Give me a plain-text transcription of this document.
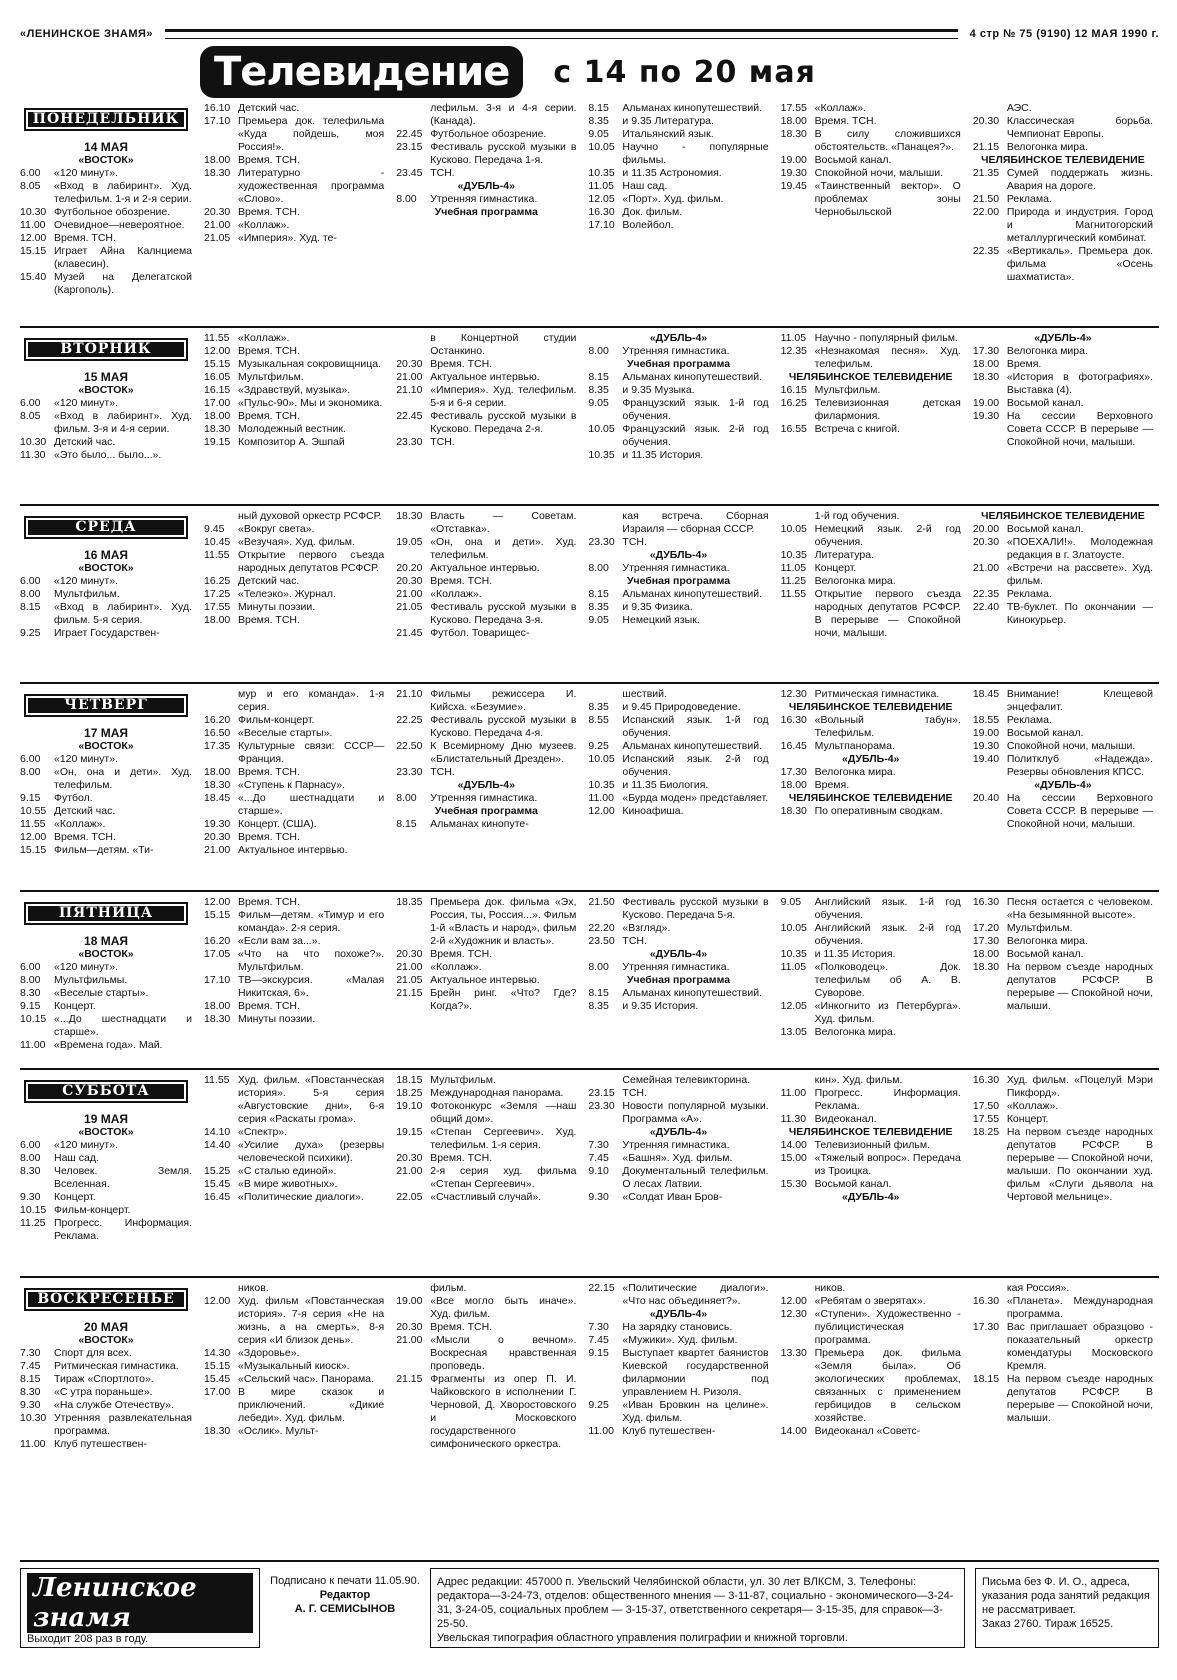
«ЛЕНИНСКОЕ ЗНАМЯ»	4 стр № 75 (9190) 12 МАЯ 1990 г.
Телевидение	с 14 по 20 мая
ПОНЕДЕЛЬНИК
14 МАЯ
«ВОСТОК»
6.00	«120 минут».
8.05	«Вход в лабиринт». Худ. телефильм. 1-я и 2-я серии.
10.30 Футбольное обозрение.
11.00 Очевидное—невероятное.
12.00 Время. ТСН.
15.15 Играет Айна Калнциема (клавесин).
15.40 Музей на Делегатской (Каргополь).
16.10 Детский час.
17.10 Премьера док. телефильма «Куда пойдешь, моя Россия!».
18.00 Время. ТСН.
18.30 Литературно - художественная программа «Слово».
20.30 Время. ТСН.
21.00 «Коллаж».
21.05 «Империя». Худ. те-
лефильм. 3-я и 4-я серии. (Канада).
22.45 Футбольное обозрение.
23.15 Фестиваль русской музыки в Кусково. Передача 1-я.
23.45 ТСН.
«ДУБЛЬ-4»
8.00	Утренняя гимнастика.
Учебная программа
8.15	Альманах кинопутешествий.
8.35	и 9.35 Литература.
9.05	Итальянский язык.
10.05 Научно - популярные фильмы.
10.35 и 11.35 Астрономия.
11.05 Наш сад.
12.05 «Порт». Худ. фильм.
16.30 Док. фильм.
17.10 Волейбол.
17.55 «Коллаж».
18.00 Время. ТСН.
18.30 В силу сложившихся обстоятельств. «Панацея?».
19.00 Восьмой канал.
19.30 Спокойной ночи, малыши.
19.45 «Таинственный вектор». О проблемах зоны Чернобыльской
АЭС.
20.30 Классическая борьба. Чемпионат Европы.
21.15 Велогонка мира.
ЧЕЛЯБИНСКОЕ ТЕЛЕВИДЕНИЕ
21.35 Сумей поддержать жизнь. Авария на дороге.
21.50 Реклама.
22.00 Природа и индустрия. Город и Магнитогорский металлургический комбинат.
22.35 «Вертикаль». Премьера док. фильма «Осень шахматиста».
ВТОРНИК
15 МАЯ
«ВОСТОК»
6.00	«120 минут».
8.05	«Вход в лабиринт». Худ. фильм. 3-я и 4-я серии.
10.30 Детский час.
11.30 «Это было... было...».
11.55 «Коллаж».
12.00 Время. ТСН.
15.15 Музыкальная сокровищница.
16.05 Мультфильм.
16.15 «Здравствуй, музыка».
17.00 «Пульс-90». Мы и экономика.
18.00 Время. ТСН.
18.30 Молодежный вестник.
19.15 Композитор А. Эшпай
в Концертной студии Останкино.
20.30 Время. ТСН.
21.00 Актуальное интервью.
21.10 «Империя». Худ. телефильм. 5-я и 6-я серии.
22.45 Фестиваль русской музыки в Кусково. Передача 2-я.
23.30 ТСН.
«ДУБЛЬ-4»
8.00	Утренняя гимнастика.
Учебная программа
8.15	Альманах кинопутешествий.
8.35	и 9.35 Музыка.
9.05	Французский язык. 1-й год обучения.
10.05 Французский язык. 2-й год обучения.
10.35 и 11.35 История.
11.05 Научно - популярный фильм.
12.35 «Незнакомая песня». Худ. телефильм.
ЧЕЛЯБИНСКОЕ ТЕЛЕВИДЕНИЕ
16.15 Мультфильм.
16.25 Телевизионная детская филармония.
16.55 Встреча с книгой.
«ДУБЛЬ-4»
17.30 Велогонка мира.
18.00 Время.
18.30 «История в фотографиях». Выставка (4).
19.00 Восьмой канал.
19.30 На сессии Верховного Совета СССР. В перерыве — Спокойной ночи, малыши.
СРЕДА
16 МАЯ
«ВОСТОК»
6.00	«120 минут».
8.00	Мультфильм.
8.15	«Вход в лабиринт». Худ. фильм. 5-я серия.
9.25	Играет Государствен-
ный духовой оркестр РСФСР.
9.45	«Вокруг света».
10.45 «Везучая». Худ. фильм.
11.55 Открытие первого съезда народных депутатов РСФСР.
16.25 Детский час.
17.25 «Телеэко». Журнал.
17.55 Минуты поэзии.
18.00 Время. ТСН.
18.30 Власть — Советам. «Отставка».
19.05 «Он, она и дети». Худ. телефильм.
20.20 Актуальное интервью.
20.30 Время. ТСН.
21.00 «Коллаж».
21.05 Фестиваль русской музыки в Кусково. Передача 3-я.
21.45 Футбол. Товарищес-
кая встреча. Сборная Израиля — сборная СССР.
23.30 ТСН.
«ДУБЛЬ-4»
8.00	Утренняя гимнастика.
Учебная программа
8.15	Альманах кинопутешествий.
8.35	и 9.35 Физика.
9.05	Немецкий язык.
1-й год обучения.
10.05 Немецкий язык. 2-й год обучения.
10.35 Литература.
11.05 Концерт.
11.25 Велогонка мира.
11.55 Открытие первого съезда народных депутатов РСФСР. В перерыве — Спокойной ночи, малыши.
ЧЕЛЯБИНСКОЕ ТЕЛЕВИДЕНИЕ
20.00 Восьмой канал.
20.30 «ПОЕХАЛИ!». Молодежная редакция в г. Златоусте.
21.00 «Встречи на рассвете». Худ. фильм.
22.35 Реклама.
22.40 ТВ-буклет. По окончании — Кинокурьер.
ЧЕТВЕРГ
17 МАЯ
«ВОСТОК»
6.00	«120 минут».
8.00	«Он, она и дети». Худ. телефильм.
9.15	Футбол.
10.55 Детский час.
11.55 «Коллаж».
12.00 Время. ТСН.
15.15 Фильм—детям. «Ти-
мур и его команда». 1-я серия.
16.20 Фильм-концерт.
16.50 «Веселые старты».
17.35 Культурные связи: СССР—Франция.
18.00 Время. ТСН.
18.30 «Ступень к Парнасу».
18.45 «...До шестнадцати и старше».
19.30 Концерт. (США).
20.30 Время. ТСН.
21.00 Актуальное интервью.
21.10 Фильмы режиссера И. Кийсха. «Безумие».
22.25 Фестиваль русской музыки в Кусково. Передача 4-я.
22.50 К Всемирному Дню музеев. «Блистательный Дрезден».
23.30 ТСН.
«ДУБЛЬ-4»
8.00	Утренняя гимнастика.
Учебная программа
8.15	Альманах кинопуте-
шествий.
8.35	и 9.45 Природоведение.
8.55	Испанский язык. 1-й год обучения.
9.25	Альманах кинопутешествий.
10.05 Испанский язык. 2-й год обучения.
10.35 и 11.35 Биология.
11.00 «Бурда моден» представляет.
12.00 Киноафиша.
12.30 Ритмическая гимнастика.
ЧЕЛЯБИНСКОЕ ТЕЛЕВИДЕНИЕ
16.30 «Вольный табун». Телефильм.
16.45 Мультпанорама.
«ДУБЛЬ-4»
17.30 Велогонка мира.
18.00 Время.
ЧЕЛЯБИНСКОЕ ТЕЛЕВИДЕНИЕ
18.30 По оперативным сводкам.
18.45 Внимание! Клещевой энцефалит.
18.55 Реклама.
19.00 Восьмой канал.
19.30 Спокойной ночи, малыши.
19.40 Политклуб «Надежда». Резервы обновления КПСС.
«ДУБЛЬ-4»
20.40 На сессии Верховного Совета СССР. В перерыве — Спокойной ночи, малыши.
ПЯТНИЦА
18 МАЯ
«ВОСТОК»
6.00	«120 минут».
8.00	Мультфильмы.
8.30	«Веселые старты».
9.15	Концерт.
10.15 «...До шестнадцати и старше».
11.00 «Времена года». Май.
12.00 Время. ТСН.
15.15 Фильм—детям. «Тимур и его команда». 2-я серия.
16.20 «Если вам за...».
17.05 «Что на что похоже?». Мультфильм.
17.10 ТВ—экскурсия. «Малая Никитская, 6».
18.00 Время. ТСН.
18.30 Минуты поэзии.
18.35 Премьера док. фильма «Эх, Россия, ты, Россия...». Фильм 1-й «Власть и народ», фильм 2-й «Художник и власть».
20.30 Время. ТСН.
21.00 «Коллаж».
21.05 Актуальное интервью.
21.15 Брейн ринг. «Что? Где? Когда?».
21.50 Фестиваль русской музыки в Кусково. Передача 5-я.
22.20 «Взгляд».
23.50 ТСН.
«ДУБЛЬ-4»
8.00	Утренняя гимнастика.
Учебная программа
8.15	Альманах кинопутешествий.
8.35	и 9.35 История.
9.05	Английский язык. 1-й год обучения.
10.05 Английский язык. 2-й год обучения.
10.35 и 11.35 История.
11.05 «Полководец». Док. телефильм об А. В. Суворове.
12.05 «Инкогнито из Петербурга». Худ. фильм.
13.05 Велогонка мира.
16.30 Песня остается с человеком. «На безымянной высоте».
17.20 Мультфильм.
17.30 Велогонка мира.
18.00 Восьмой канал.
18.30 На первом съезде народных депутатов РСФСР. В перерыве — Спокойной ночи, малыши.
СУББОТА
19 МАЯ
«ВОСТОК»
6.00	«120 минут».
8.00	Наш сад.
8.30	Человек. Земля. Вселенная.
9.30	Концерт.
10.15 Фильм-концерт.
11.25 Прогресс. Информация. Реклама.
11.55 Худ. фильм. «Повстанческая история». 5-я серия «Августовские дни», 6-я серия «Раскаты грома».
14.10 «Спектр».
14.40 «Усилие духа» (резервы человеческой психики).
15.25 «С сталью единой».
15.45 «В мире животных».
16.45 «Политические диалоги».
18.15 Мультфильм.
18.25 Международная панорама.
19.10 Фотоконкурс «Земля —наш общий дом».
19.15 «Степан Сергеевич». Худ. телефильм. 1-я серия.
20.30 Время. ТСН.
21.00 2-я серия худ. фильма «Степан Сергеевич».
22.05 «Счастливый случай».
Семейная телевикторина.
23.15 ТСН.
23.30 Новости популярной музыки. Программа «А».
«ДУБЛЬ-4»
7.30	Утренняя гимнастика.
7.45	«Башня». Худ. фильм.
9.10	Документальный телефильм. О лесах Латвии.
9.30	«Солдат Иван Бров-
кин». Худ. фильм.
11.00 Прогресс. Информация. Реклама.
11.30 Видеоканал.
ЧЕЛЯБИНСКОЕ ТЕЛЕВИДЕНИЕ
14.00 Телевизионный фильм.
15.00 «Тяжелый вопрос». Передача из Троицка.
15.30 Восьмой канал.
«ДУБЛЬ-4»
16.30 Худ. фильм. «Поцелуй Мэри Пикфорд».
17.50 «Коллаж».
17.55 Концерт.
18.25 На первом съезде народных депутатов РСФСР. В перерыве — Спокойной ночи, малыши. По окончании худ. фильм «Слуги дьявола на Чертовой мельнице».
ВОСКРЕСЕНЬЕ
20 МАЯ
«ВОСТОК»
7.30	Спорт для всех.
7.45	Ритмическая гимнастика.
8.15	Тираж «Спортлото».
8.30	«С утра пораньше».
9.30	«На службе Отечеству».
10.30 Утренняя развлекательная программа.
11.00 Клуб путешествен-
ников.
12.00 Худ. фильм «Повстанческая история». 7-я серия «Не на жизнь, а на смерть», 8-я серия «И близок день».
14.30 «Здоровье».
15.15 «Музыкальный киоск».
15.45 «Сельский час». Панорама.
17.00 В мире сказок и приключений. «Дикие лебеди». Худ. фильм.
18.30 «Ослик». Мульт-
фильм.
19.00 «Все могло быть иначе». Худ. фильм.
20.30 Время. ТСН.
21.00 «Мысли о вечном». Воскресная нравственная проповедь.
21.15 Фрагменты из опер П. И. Чайковского в исполнении Г. Черновой, Д. Хворостовского и Московского государственного симфонического оркестра.
22.15 «Политические диалоги». «Что нас объединяет?».
«ДУБЛЬ-4»
7.30	На зарядку становись.
7.45	«Мужики». Худ. фильм.
9.15	Выступает квартет баянистов Киевской государственной филармонии под управлением Н. Ризоля.
9.25	«Иван Бровкин на целине». Худ. фильм.
11.00 Клуб путешествен-
ников.
12.00 «Ребятам о зверятах».
12.30 «Ступени». Художественно - публицистическая программа.
13.30 Премьера док. фильма «Земля была». Об экологических проблемах, связанных с применением гербицидов в сельском хозяйстве.
14.00 Видеоканал «Советс-
кая Россия».
16.30 «Планета». Международная программа.
17.30 Вас приглашает образцово - показательный оркестр комендатуры Московского Кремля.
18.15 На первом съезде народных депутатов РСФСР. В перерыве — Спокойной ночи, малыши.
Ленинское знамя
Выходит 208 раз в году.
Подписано к печати 11.05.90.
Редактор
А. Г. СЕМИСЫНОВ
Адрес редакции: 457000 п. Увельский Челябинской области, ул. 30 лет ВЛКСМ, 3. Телефоны: редактора—3-24-73, отделов: общественного мнения — 3-11-87, социально - экономического—3-24-31, 3-24-05, социальных проблем — 3-15-37, ответственного секретаря— 3-15-35, для справок—3-25-50.
Увельская типография областного управления полиграфии и книжной торговли.
Письма без Ф. И. О., адреса, указания рода занятий редакция не рассматривает.
Заказ 2760. Тираж 16525.
